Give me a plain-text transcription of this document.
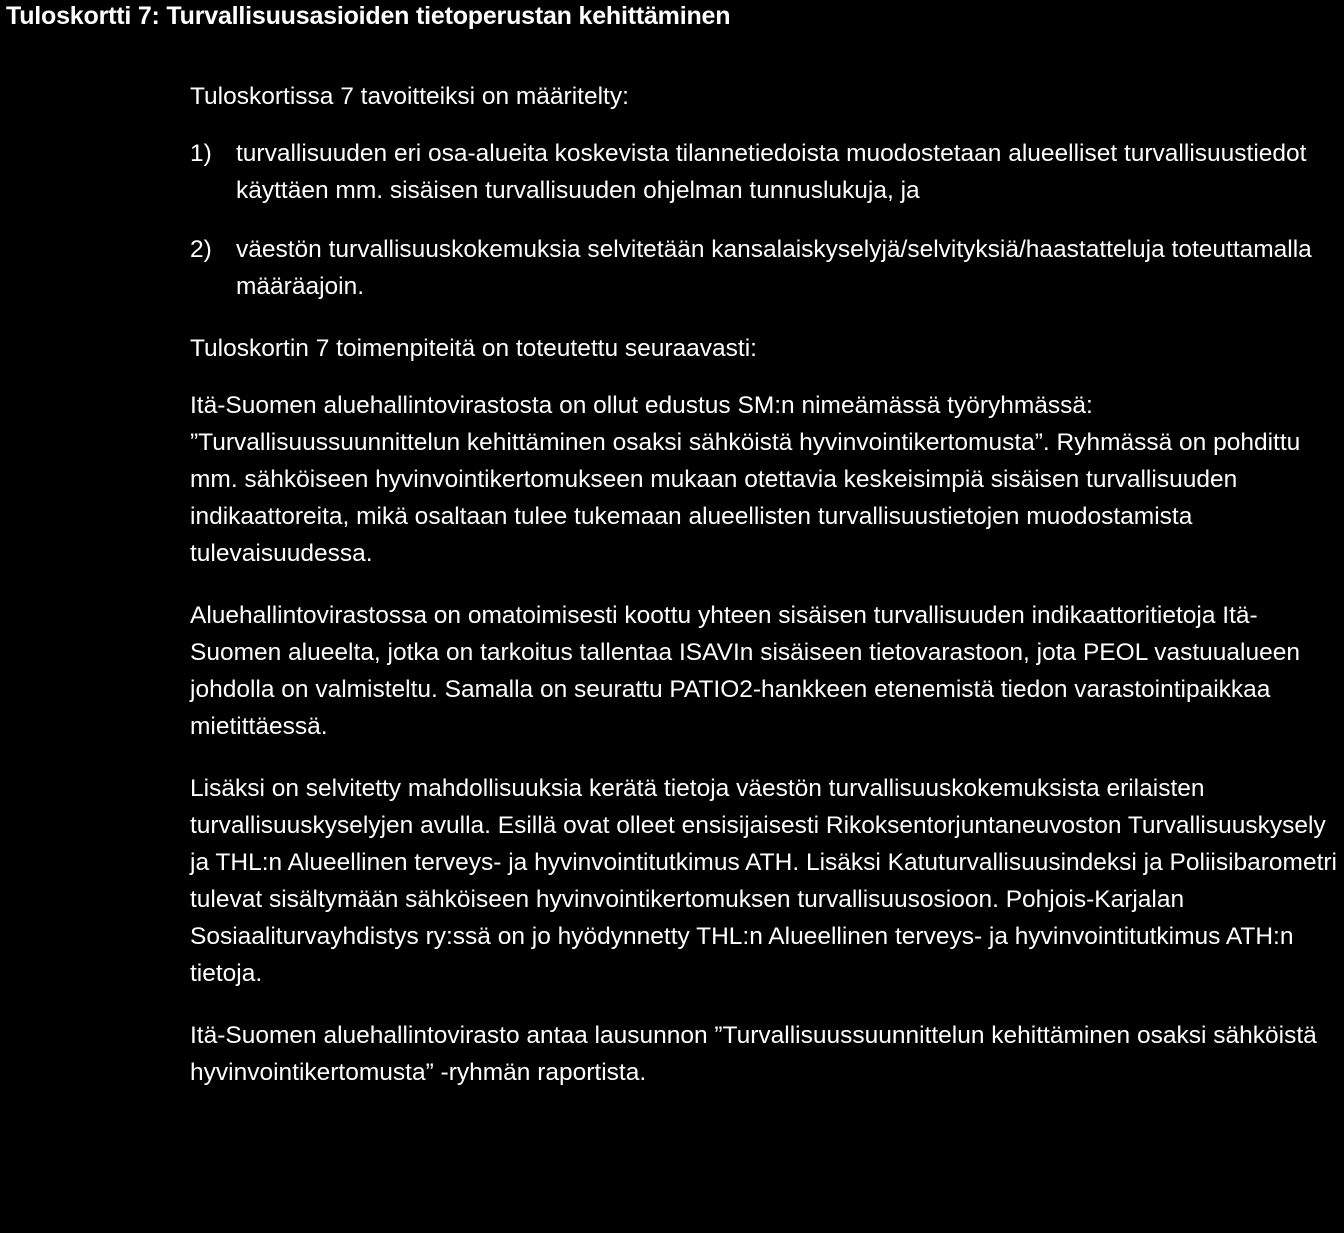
Tuloskortti 7: Turvallisuusasioiden tietoperustan kehittäminen

Tuloskortissa 7 tavoitteiksi on määritelty:

1) turvallisuuden eri osa-alueita koskevista tilannetiedoista muodostetaan alueelliset turvallisuustiedot käyttäen mm. sisäisen turvallisuuden ohjelman tunnuslukuja, ja
2) väestön turvallisuuskokemuksia selvitetään kansalaiskyselyjä/selvityksiä/haastatteluja toteuttamalla määräajoin.

Tuloskortin 7 toimenpiteitä on toteutettu seuraavasti:

Itä-Suomen aluehallintovirastosta on ollut edustus SM:n nimeämässä työryhmässä: ”Turvallisuussuunnittelun kehittäminen osaksi sähköistä hyvinvointikertomusta”. Ryhmässä on pohdittu mm. sähköiseen hyvinvointikertomukseen mukaan otettavia keskeisimpiä sisäisen turvallisuuden indikaattoreita, mikä osaltaan tulee tukemaan alueellisten turvallisuustietojen muodostamista tulevaisuudessa.

Aluehallintovirastossa on omatoimisesti koottu yhteen sisäisen turvallisuuden indikaattoritietoja Itä-Suomen alueelta, jotka on tarkoitus tallentaa ISAVIn sisäiseen tietovarastoon, jota PEOL vastuualueen johdolla on valmisteltu. Samalla on seurattu PATIO2-hankkeen etenemistä tiedon varastointipaikkaa mietittäessä.

Lisäksi on selvitetty mahdollisuuksia kerätä tietoja väestön turvallisuuskokemuksista erilaisten turvallisuuskyselyjen avulla. Esillä ovat olleet ensisijaisesti Rikoksentorjuntaneuvoston Turvallisuuskysely ja THL:n Alueellinen terveys- ja hyvinvointitutkimus ATH. Lisäksi Katuturvallisuusindeksi ja Poliisibarometri tulevat sisältymään sähköiseen hyvinvointikertomuksen turvallisuusosioon. Pohjois-Karjalan Sosiaaliturvayhdistys ry:ssä on jo hyödynnetty THL:n Alueellinen terveys- ja hyvinvointitutkimus ATH:n tietoja.

Itä-Suomen aluehallintovirasto antaa lausunnon ”Turvallisuussuunnittelun kehittäminen osaksi sähköistä hyvinvointikertomusta” -ryhmän raportista.
